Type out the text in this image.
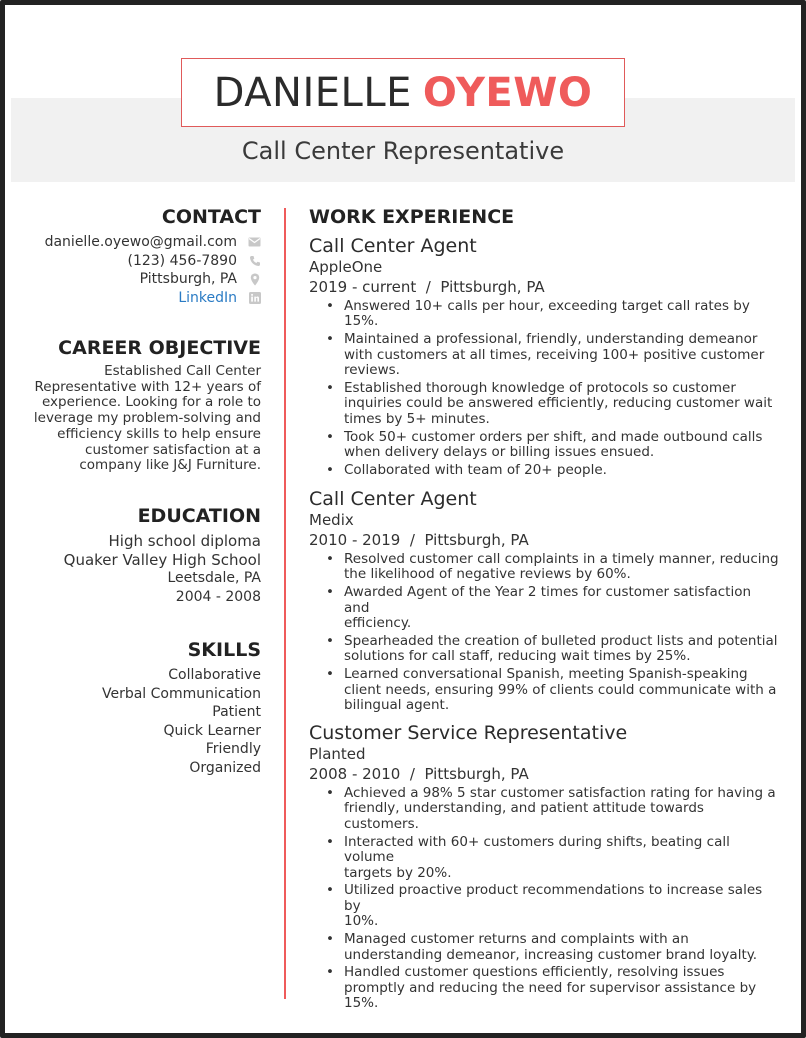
DANIELLE OYEWO
Call Center Representative
CONTACT
danielle.oyewo@gmail.com
(123) 456-7890
Pittsburgh, PA
LinkedIn
CAREER OBJECTIVE
Established Call Center
Representative with 12+ years of
experience. Looking for a role to
leverage my problem-solving and
efficiency skills to help ensure
customer satisfaction at a
company like J&J Furniture.
EDUCATION
High school diploma
Quaker Valley High School
Leetsdale, PA
2004 - 2008
SKILLS
Collaborative
Verbal Communication
Patient
Quick Learner
Friendly
Organized
WORK EXPERIENCE
Call Center Agent
AppleOne
2019 - current  /  Pittsburgh, PA
• Answered 10+ calls per hour, exceeding target call rates by 15%.
• Maintained a professional, friendly, understanding demeanor
with customers at all times, receiving 100+ positive customer
reviews.
• Established thorough knowledge of protocols so customer
inquiries could be answered efficiently, reducing customer wait
times by 5+ minutes.
• Took 50+ customer orders per shift, and made outbound calls
when delivery delays or billing issues ensued.
• Collaborated with team of 20+ people.
Call Center Agent
Medix
2010 - 2019  /  Pittsburgh, PA
• Resolved customer call complaints in a timely manner, reducing
the likelihood of negative reviews by 60%.
• Awarded Agent of the Year 2 times for customer satisfaction and
efficiency.
• Spearheaded the creation of bulleted product lists and potential
solutions for call staff, reducing wait times by 25%.
• Learned conversational Spanish, meeting Spanish-speaking
client needs, ensuring 99% of clients could communicate with a
bilingual agent.
Customer Service Representative
Planted
2008 - 2010  /  Pittsburgh, PA
• Achieved a 98% 5 star customer satisfaction rating for having a
friendly, understanding, and patient attitude towards customers.
• Interacted with 60+ customers during shifts, beating call volume
targets by 20%.
• Utilized proactive product recommendations to increase sales by
10%.
• Managed customer returns and complaints with an
understanding demeanor, increasing customer brand loyalty.
• Handled customer questions efficiently, resolving issues
promptly and reducing the need for supervisor assistance by
15%.
